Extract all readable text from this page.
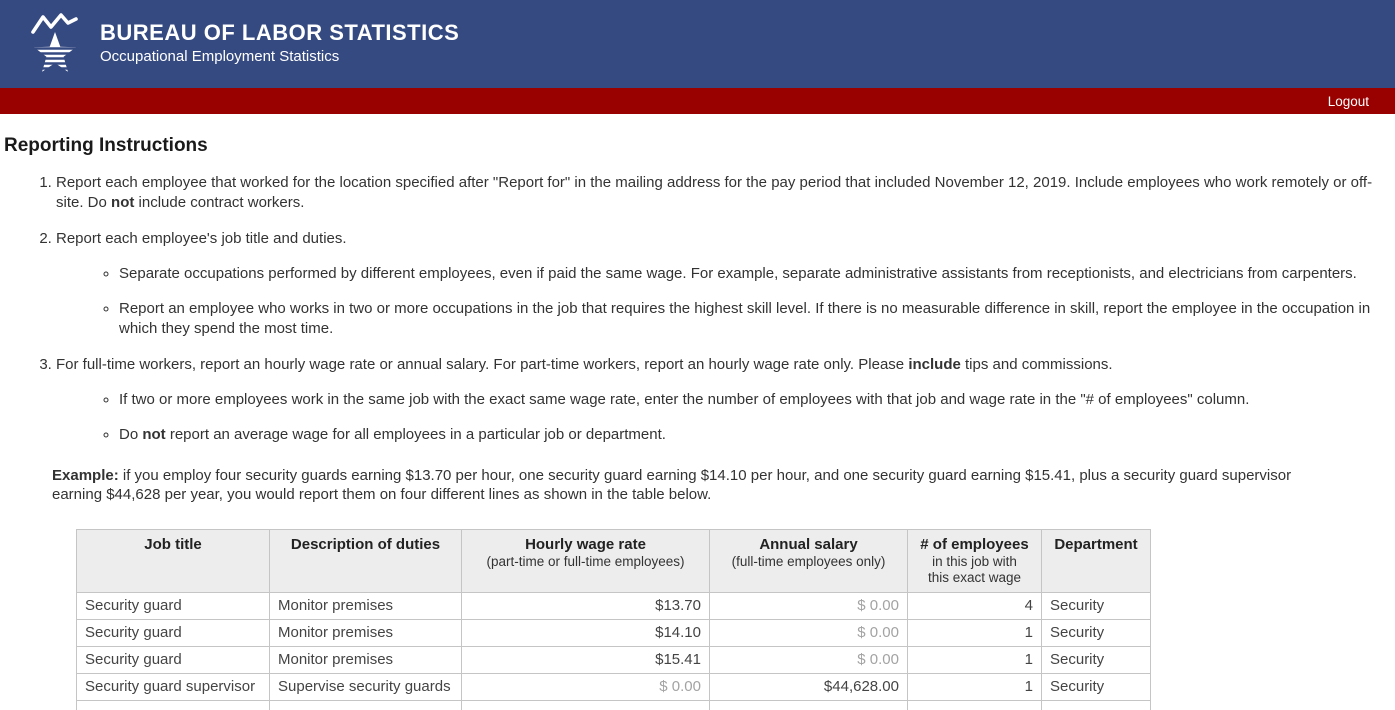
BUREAU OF LABOR STATISTICS
Occupational Employment Statistics
Logout
Reporting Instructions
1. Report each employee that worked for the location specified after "Report for" in the mailing address for the pay period that included November 12, 2019. Include employees who work remotely or off-site. Do not include contract workers.
2. Report each employee's job title and duties.
◦ Separate occupations performed by different employees, even if paid the same wage. For example, separate administrative assistants from receptionists, and electricians from carpenters.
◦ Report an employee who works in two or more occupations in the job that requires the highest skill level. If there is no measurable difference in skill, report the employee in the occupation in which they spend the most time.
3. For full-time workers, report an hourly wage rate or annual salary. For part-time workers, report an hourly wage rate only. Please include tips and commissions.
◦ If two or more employees work in the same job with the exact same wage rate, enter the number of employees with that job and wage rate in the "# of employees" column.
◦ Do not report an average wage for all employees in a particular job or department.

Example: if you employ four security guards earning $13.70 per hour, one security guard earning $14.10 per hour, and one security guard earning $15.41, plus a security guard supervisor earning $44,628 per year, you would report them on four different lines as shown in the table below.

Job title	Description of duties	Hourly wage rate
(part-time or full-time employees)

Annual salary
(full-time employees only)

# of employees
in this job with
this exact wage

Department

Security guard	Monitor premises	$13.70	$ 0.00	4	Security
Security guard	Monitor premises	$14.10	$ 0.00	1	Security
Security guard	Monitor premises	$15.41	$ 0.00	1	Security
Security guard supervisor	Supervise security guards	$ 0.00	$44,628.00	1	Security
